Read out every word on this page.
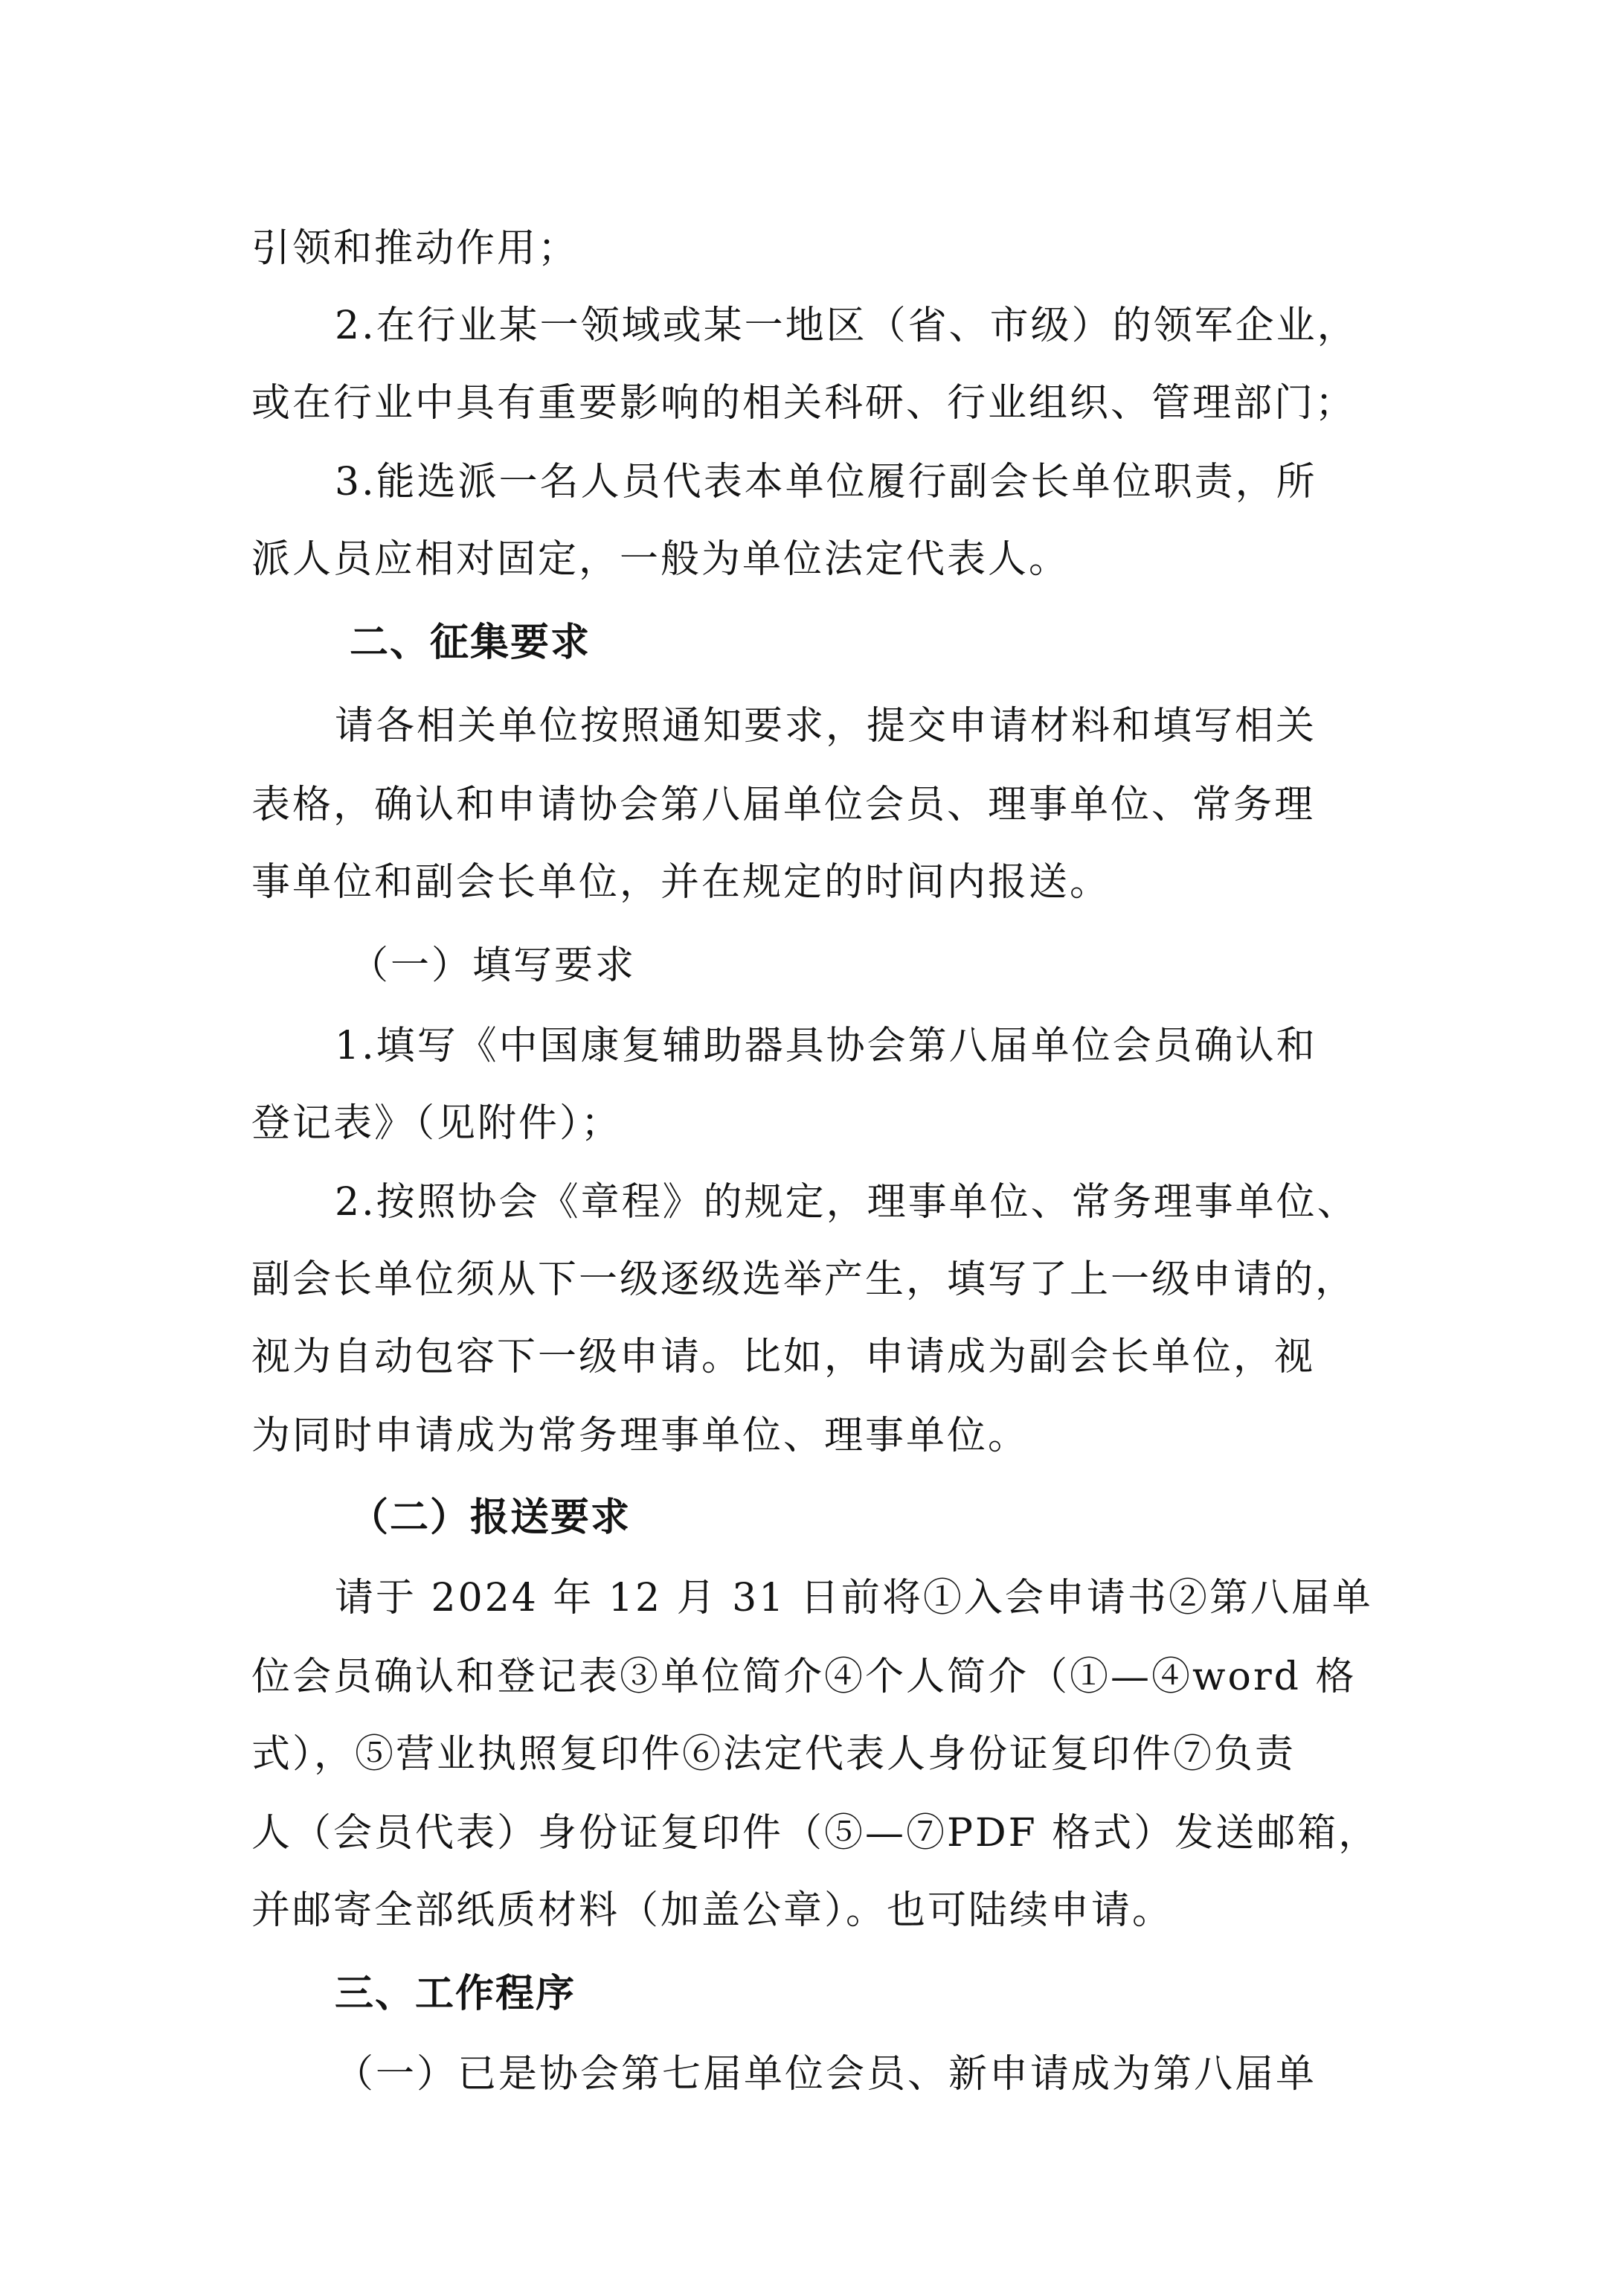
引领和推动作用；
2.在行业某一领域或某一地区（省、市级）的领军企业，
或在行业中具有重要影响的相关科研、行业组织、管理部门；
3.能选派一名人员代表本单位履行副会长单位职责，所
派人员应相对固定，一般为单位法定代表人。
二、征集要求
请各相关单位按照通知要求，提交申请材料和填写相关
表格，确认和申请协会第八届单位会员、理事单位、常务理
事单位和副会长单位，并在规定的时间内报送。
（一）填写要求
1.填写《中国康复辅助器具协会第八届单位会员确认和
登记表》（见附件）；
2.按照协会《章程》的规定，理事单位、常务理事单位、
副会长单位须从下一级逐级选举产生，填写了上一级申请的，
视为自动包容下一级申请。比如，申请成为副会长单位，视
为同时申请成为常务理事单位、理事单位。
（二）报送要求
请于 2024 年 12 月 31 日前将①入会申请书②第八届单
位会员确认和登记表③单位简介④个人简介（①—④word 格
式），⑤营业执照复印件⑥法定代表人身份证复印件⑦负责
人（会员代表）身份证复印件（⑤—⑦PDF 格式）发送邮箱，
并邮寄全部纸质材料（加盖公章）。也可陆续申请。
三、工作程序
（一）已是协会第七届单位会员、新申请成为第八届单
